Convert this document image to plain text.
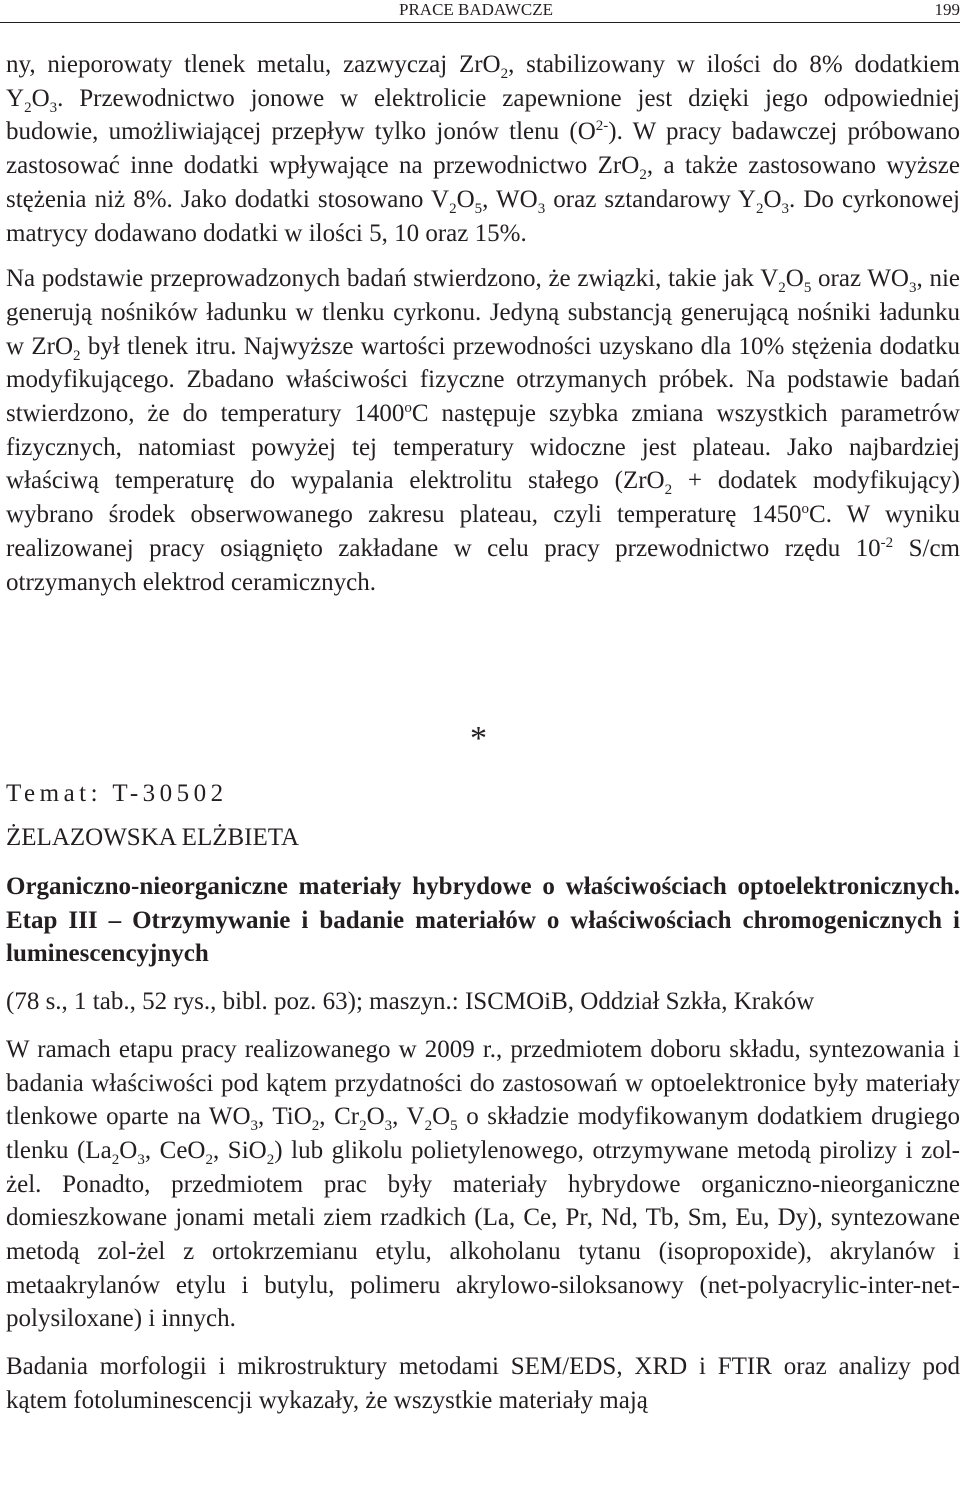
PRACE BADAWCZE	199

ny, nieporowaty tlenek metalu, zazwyczaj ZrO$_2$, stabilizowany w ilości do 8% dodatkiem $Y_2O_3$. Przewodnictwo jonowe w elektrolicie zapewnione jest dzięki jego odpowiedniej budowie, umożliwiającej przepływ tylko jonów tlenu $(O^{2-})$. W pracy badawczej próbowano zastosować inne dodatki wpływające na przewodnictwo ZrO$_2$, a także zastosowano wyższe stężenia niż 8%. Jako dodatki stosowano $V_2O_5$, $WO_3$ oraz sztandarowy $Y_2O_3$. Do cyrkonowej matrycy dodawano dodatki w ilości 5, 10 oraz 15%.

Na podstawie przeprowadzonych badań stwierdzono, że związki, takie jak $V_2O_5$ oraz $WO_3$, nie generują nośników ładunku w tlenku cyrkonu. Jedyną substancją generującą nośniki ładunku w ZrO$_2$ był tlenek itru. Najwyższe wartości przewodności uzyskano dla 10% stężenia dodatku modyfikującego. Zbadano właściwości fizyczne otrzymanych próbek. Na podstawie badań stwierdzono, że do temperatury 1400$^o$C następuje szybka zmiana wszystkich parametrów fizycznych, natomiast powyżej tej temperatury widoczne jest plateau. Jako najbardziej właściwą temperaturę do wypalania elektrolitu stałego (ZrO$_2$ + dodatek modyfikujący) wybrano środek obserwowanego zakresu plateau, czyli temperaturę 1450$^o$C. W wyniku realizowanej pracy osiągnięto zakładane w celu pracy przewodnictwo rzędu $10^{-2}$ S/cm otrzymanych elektrod ceramicznych.

*
Temat: T-30502
ŻELAZOWSKA ELŻBIETA

Organiczno-nieorganiczne materiały hybrydowe o właściwościach optoelektronicznych. Etap III – Otrzymywanie i badanie materiałów o właściwościach chromogenicznych i luminescencyjnych

(78 s., 1 tab., 52 rys., bibl. poz. 63); maszyn.: ISCMOiB, Oddział Szkła, Kraków

W ramach etapu pracy realizowanego w 2009 r., przedmiotem doboru składu, syntezowania i badania właściwości pod kątem przydatności do zastosowań w optoelektronice były materiały tlenkowe oparte na $WO_3$, TiO$_2$, $Cr_2O_3$, $V_2O_5$ o składzie modyfikowanym dodatkiem drugiego tlenku ($La_2O_3$, CeO$_2$, SiO$_2$) lub glikolu polietylenowego, otrzymywane metodą pirolizy i zol-żel. Ponadto, przedmiotem prac były materiały hybrydowe organiczno-nieorganiczne domieszkowane jonami metali ziem rzadkich (La, Ce, Pr, Nd, Tb, Sm, Eu, Dy), syntezowane metodą zol-żel z ortokrzemianu etylu, alkoholanu tytanu (isopropoxide), akrylanów i metaakrylanów etylu i butylu, polimeru akrylowo-siloksanowy (net-polyacrylic-inter-net-polysiloxane) i innych.

Badania morfologii i mikrostruktury metodami SEM/EDS, XRD i FTIR oraz analizy pod kątem fotoluminescencji wykazały, że wszystkie materiały mają
